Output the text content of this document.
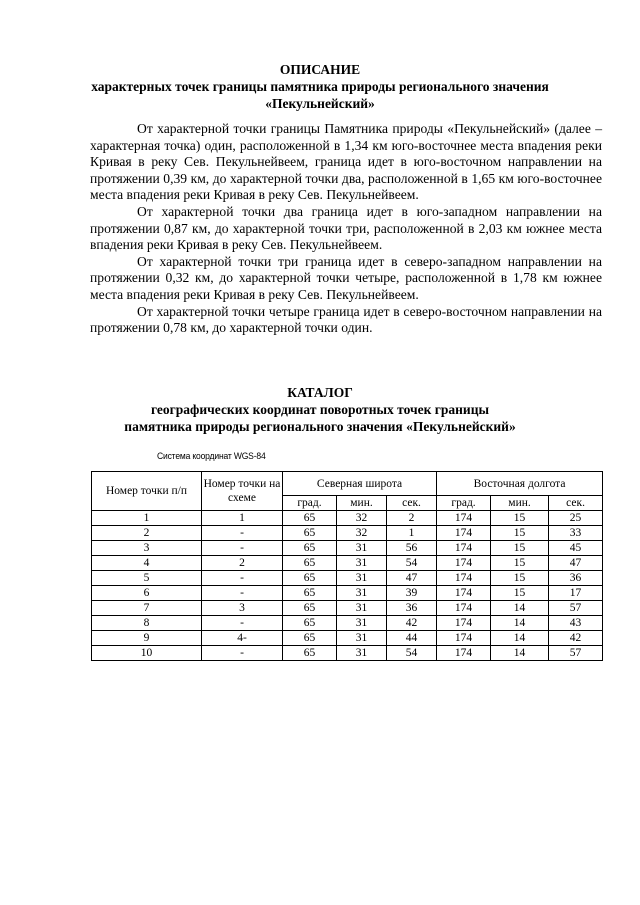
ОПИСАНИЕ
характерных точек границы памятника природы регионального значения
«Пекульнейский»

От характерной точки границы Памятника природы «Пекульнейский» (далее – характерная точка) один, расположенной в 1,34 км юго-восточнее места впадения реки Кривая в реку Сев. Пекульнейвеем, граница идет в юго-восточном направлении на протяжении 0,39 км, до характерной точки два, расположенной в 1,65 км юго-восточнее места впадения реки Кривая в реку Сев. Пекульнейвеем.

От характерной точки два граница идет в юго-западном направлении на протяжении 0,87 км, до характерной точки три, расположенной в 2,03 км южнее места впадения реки Кривая в реку Сев. Пекульнейвеем.

От характерной точки три граница идет в северо-западном направлении на протяжении 0,32 км, до характерной точки четыре, расположенной в 1,78 км южнее места впадения реки Кривая в реку Сев. Пекульнейвеем.

От характерной точки четыре граница идет в северо-восточном направлении на протяжении 0,78 км, до характерной точки один.

КАТАЛОГ
географических координат поворотных точек границы
памятника природы регионального значения «Пекульнейский»
Система координат WGS-84
Номер точки п/п	Номер точки на схеме	Северная широта			Восточная долгота		
		град.	мин.	сек.	град.	мин.	сек.
1	1	65	32	2	174	15	25
2	-	65	32	1	174	15	33
3	-	65	31	56	174	15	45
4	2	65	31	54	174	15	47
5	-	65	31	47	174	15	36
6	-	65	31	39	174	15	17
7	3	65	31	36	174	14	57
8	-	65	31	42	174	14	43
9	4-	65	31	44	174	14	42
10	-	65	31	54	174	14	57
